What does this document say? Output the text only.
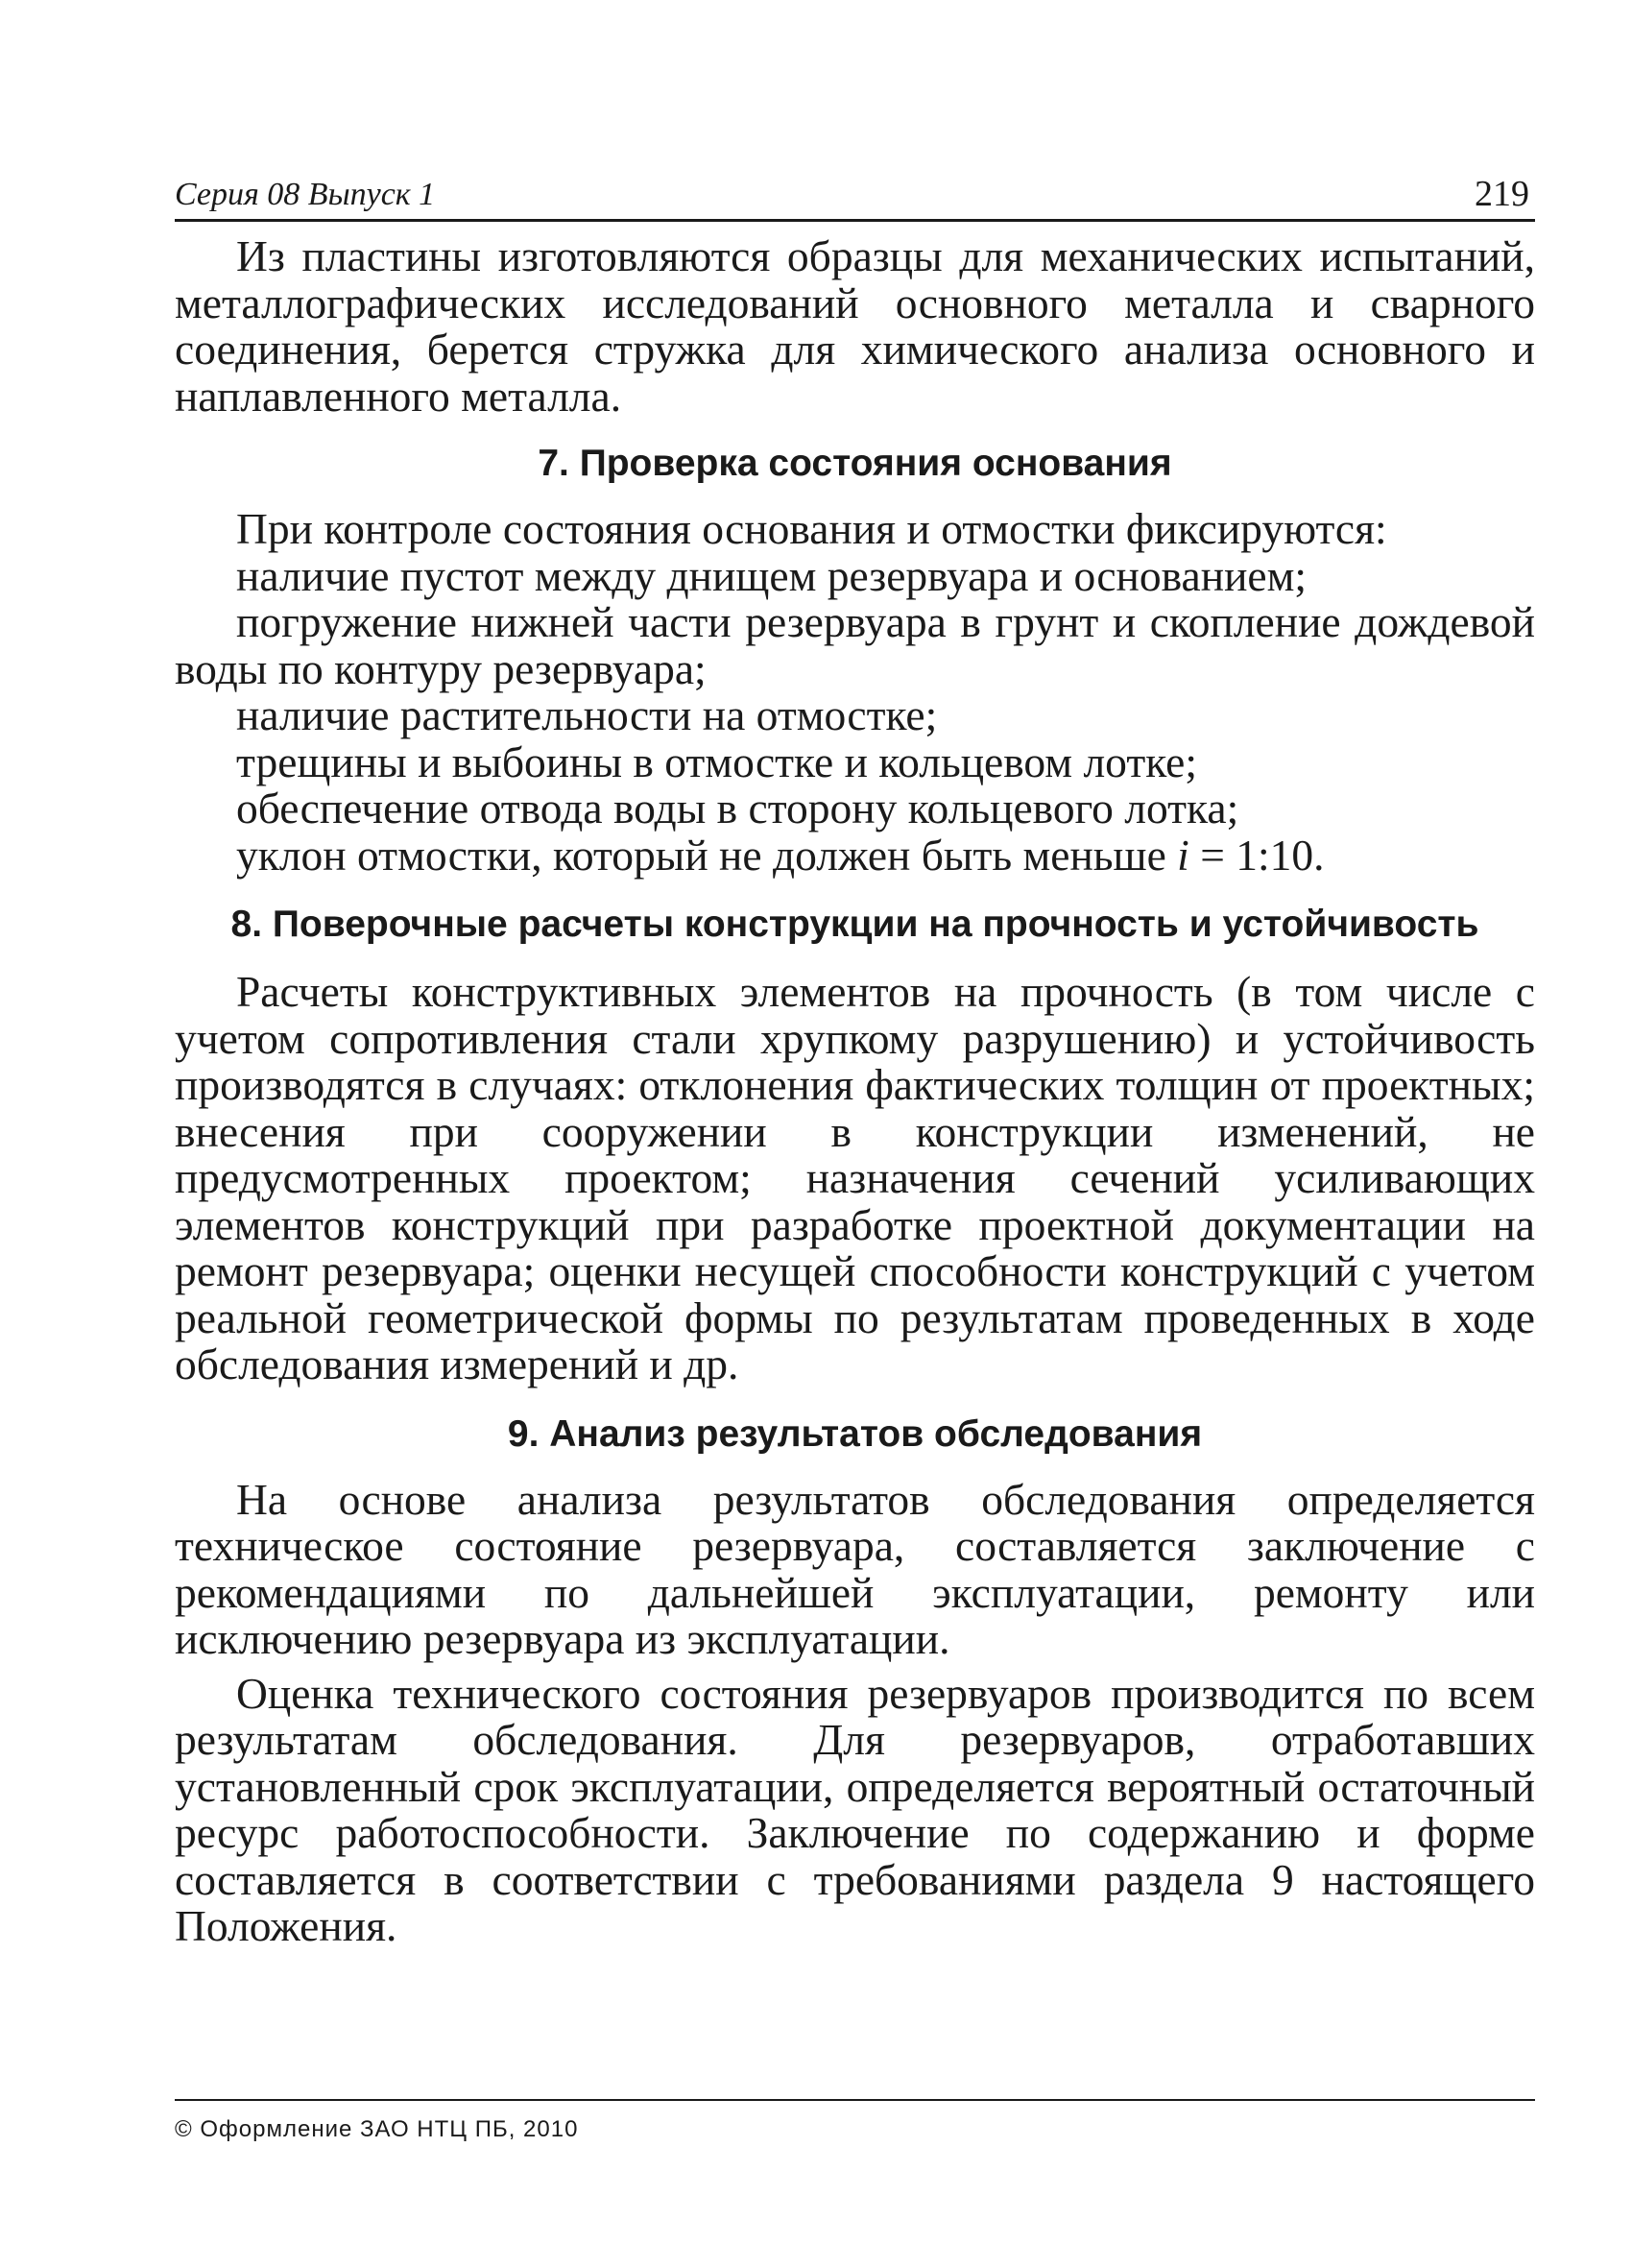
Серия 08 Выпуск 1	219

Из пластины изготовляются образцы для механических испытаний, металлографических исследований основного металла и сварного соединения, берется стружка для химического анализа основного и наплавленного металла.

7. Проверка состояния основания

При контроле состояния основания и отмостки фиксируются:

наличие пустот между днищем резервуара и основанием;

погружение нижней части резервуара в грунт и скопление дождевой воды по контуру резервуара;

наличие растительности на отмостке;

трещины и выбоины в отмостке и кольцевом лотке;

обеспечение отвода воды в сторону кольцевого лотка;

уклон отмостки, который не должен быть меньше i = 1:10.

8. Поверочные расчеты конструкции на прочность и устойчивость

Расчеты конструктивных элементов на прочность (в том числе с учетом сопротивления стали хрупкому разрушению) и устойчивость производятся в случаях: отклонения фактических толщин от проектных; внесения при сооружении в конструкции изменений, не предусмотренных проектом; назначения сечений усиливающих элементов конструкций при разработке проектной документации на ремонт резервуара; оценки несущей способности конструкций с учетом реальной геометрической формы по результатам проведенных в ходе обследования измерений и др.

9. Анализ результатов обследования

На основе анализа результатов обследования определяется техническое состояние резервуара, составляется заключение с рекомендациями по дальнейшей эксплуатации, ремонту или исключению резервуара из эксплуатации.

Оценка технического состояния резервуаров производится по всем результатам обследования. Для резервуаров, отработавших установленный срок эксплуатации, определяется вероятный остаточный ресурс работоспособности. Заключение по содержанию и форме составляется в соответствии с требованиями раздела 9 настоящего Положения.

© Оформление ЗАО НТЦ ПБ, 2010
